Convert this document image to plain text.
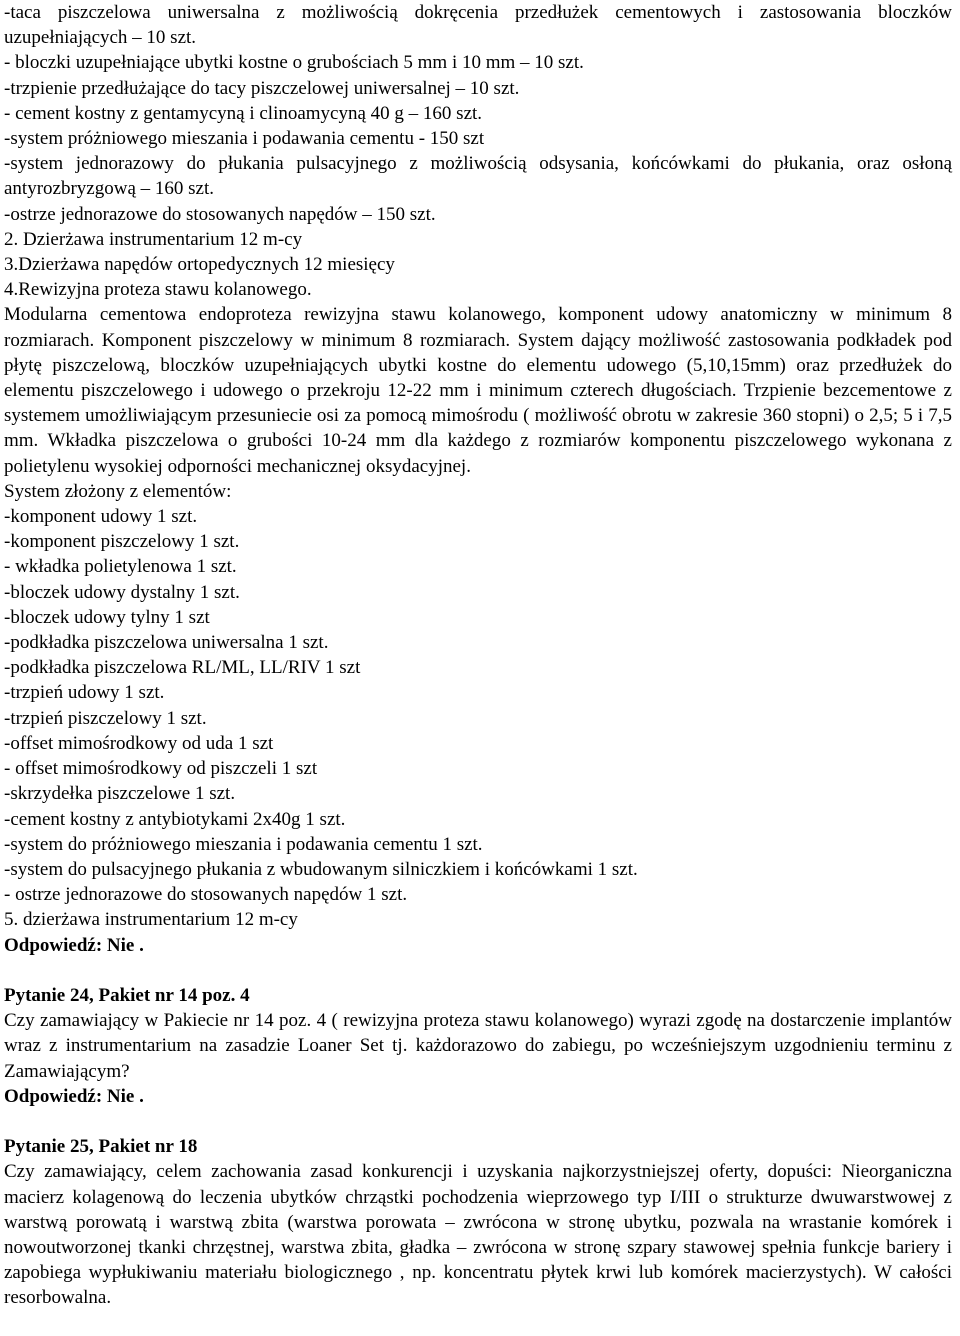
-taca piszczelowa uniwersalna z możliwością dokręcenia przedłużek cementowych i zastosowania bloczków uzupełniających – 10 szt.
- bloczki uzupełniające ubytki kostne o grubościach 5 mm i 10 mm – 10 szt.
-trzpienie przedłużające do tacy piszczelowej uniwersalnej – 10 szt.
- cement kostny z gentamycyną i clinoamycyną 40 g – 160 szt.
-system próżniowego mieszania i podawania cementu - 150 szt
-system jednorazowy do płukania pulsacyjnego z możliwością odsysania, końcówkami do płukania, oraz osłoną antyrozbryzgową – 160 szt.
-ostrze jednorazowe do stosowanych napędów – 150 szt.
2. Dzierżawa instrumentarium 12 m-cy
3.Dzierżawa napędów ortopedycznych 12 miesięcy
4.Rewizyjna proteza stawu kolanowego.
Modularna cementowa endoproteza rewizyjna stawu kolanowego, komponent udowy anatomiczny w minimum 8 rozmiarach. Komponent piszczelowy w minimum 8 rozmiarach. System dający możliwość zastosowania podkładek pod płytę piszczelową, bloczków uzupełniających ubytki kostne do elementu udowego (5,10,15mm) oraz przedłużek do elementu piszczelowego i udowego o przekroju 12-22 mm i minimum czterech długościach. Trzpienie bezcementowe z systemem umożliwiającym przesuniecie osi za pomocą mimośrodu ( możliwość obrotu w zakresie 360 stopni) o 2,5; 5 i 7,5 mm. Wkładka piszczelowa o grubości 10-24 mm dla każdego z rozmiarów komponentu piszczelowego wykonana z polietylenu wysokiej odporności mechanicznej oksydacyjnej.
System złożony z elementów:
-komponent udowy 1 szt.
-komponent piszczelowy 1 szt.
- wkładka polietylenowa 1 szt.
-bloczek udowy dystalny 1 szt.
-bloczek udowy tylny 1 szt
-podkładka piszczelowa uniwersalna 1 szt.
-podkładka piszczelowa RL/ML, LL/RIV 1 szt
-trzpień udowy 1 szt.
-trzpień piszczelowy 1 szt.
-offset mimośrodkowy od uda 1 szt
- offset mimośrodkowy od piszczeli 1 szt
-skrzydełka piszczelowe 1 szt.
-cement kostny z antybiotykami 2x40g 1 szt.
-system do próżniowego mieszania i podawania cementu 1 szt.
-system do pulsacyjnego płukania z wbudowanym silniczkiem i końcówkami 1 szt.
- ostrze jednorazowe do stosowanych napędów 1 szt.
5. dzierżawa instrumentarium 12 m-cy
Odpowiedź: Nie .
Pytanie 24, Pakiet nr 14 poz. 4
Czy zamawiający w Pakiecie nr 14 poz. 4 ( rewizyjna proteza stawu kolanowego) wyrazi zgodę na dostarczenie implantów wraz z instrumentarium na zasadzie Loaner Set tj. każdorazowo do zabiegu, po wcześniejszym uzgodnieniu terminu z Zamawiającym?
Odpowiedź: Nie .
Pytanie 25, Pakiet nr 18
Czy zamawiający, celem zachowania zasad konkurencji i uzyskania najkorzystniejszej oferty, dopuści: Nieorganiczna macierz kolagenową do leczenia ubytków chrząstki pochodzenia wieprzowego typ I/III o strukturze dwuwarstwowej z warstwą porowatą i warstwą zbita (warstwa porowata – zwrócona w stronę ubytku, pozwala na wrastanie komórek i nowoutworzonej tkanki chrzęstnej, warstwa zbita, gładka – zwrócona w stronę szpary stawowej spełnia funkcje bariery i zapobiega wypłukiwaniu materiału biologicznego , np. koncentratu płytek krwi lub komórek macierzystych). W całości resorbowalna.
